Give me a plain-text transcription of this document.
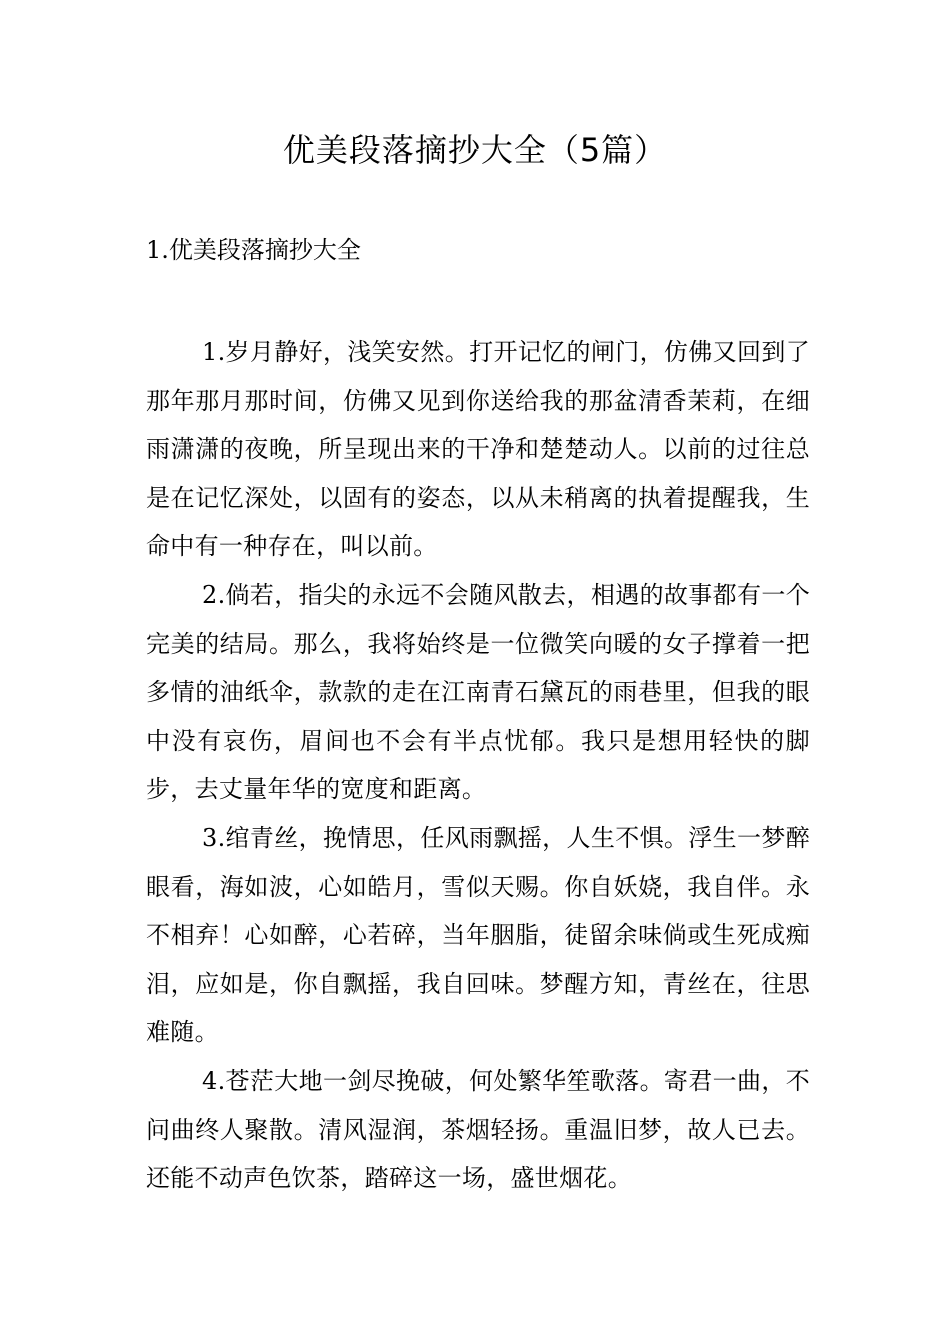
优美段落摘抄大全（5篇）
1.优美段落摘抄大全

1.岁月静好，浅笑安然。打开记忆的闸门，仿佛又回到了那年那月那时间，仿佛又见到你送给我的那盆清香茉莉，在细雨潇潇的夜晚，所呈现出来的干净和楚楚动人。以前的过往总是在记忆深处，以固有的姿态，以从未稍离的执着提醒我，生命中有一种存在，叫以前。

2.倘若，指尖的永远不会随风散去，相遇的故事都有一个完美的结局。那么，我将始终是一位微笑向暖的女子撑着一把多情的油纸伞，款款的走在江南青石黛瓦的雨巷里，但我的眼中没有哀伤，眉间也不会有半点忧郁。我只是想用轻快的脚步，去丈量年华的宽度和距离。

3.绾青丝，挽情思，任风雨飘摇，人生不惧。浮生一梦醉眼看，海如波，心如皓月，雪似天赐。你自妖娆，我自伴。永不相弃！心如醉，心若碎，当年胭脂，徒留余味倘或生死成痴泪，应如是，你自飘摇，我自回味。梦醒方知，青丝在，往思难随。

4.苍茫大地一剑尽挽破，何处繁华笙歌落。寄君一曲，不问曲终人聚散。清风湿润，茶烟轻扬。重温旧梦，故人已去。还能不动声色饮茶，踏碎这一场，盛世烟花。
